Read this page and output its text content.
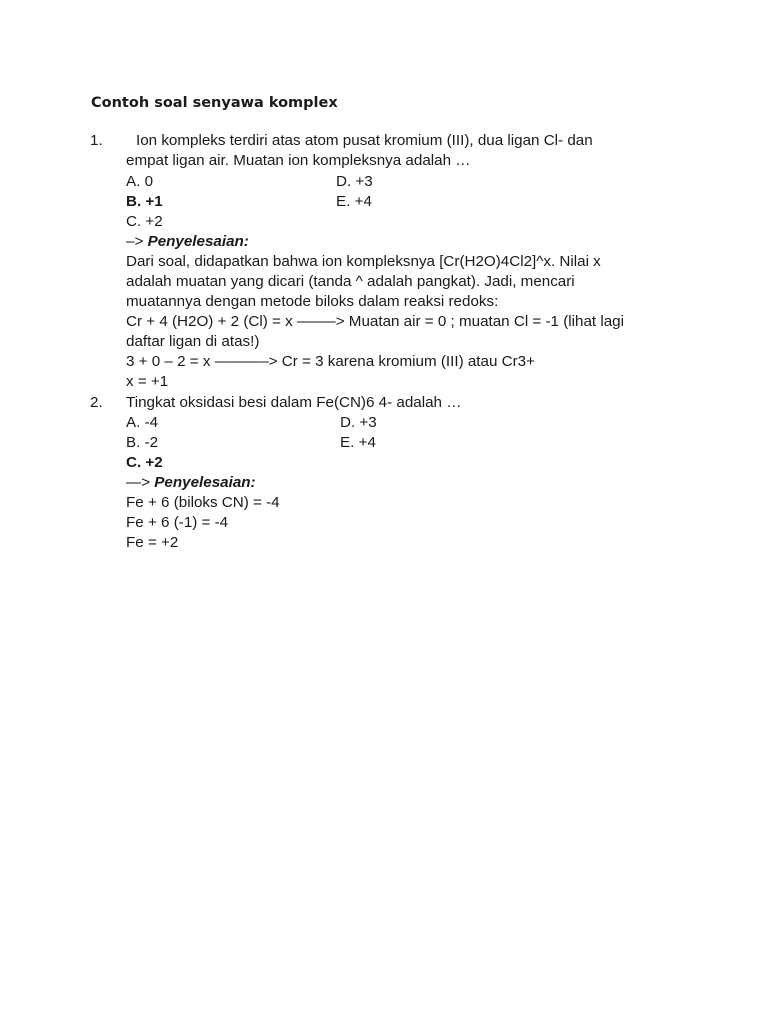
Contoh soal senyawa komplex
1. Ion kompleks terdiri atas atom pusat kromium (III), dua ligan Cl- dan
empat ligan air. Muatan ion kompleksnya adalah …
A. 0	D. +3
B. +1	E. +4
C. +2
–> Penyelesaian:
Dari soal, didapatkan bahwa ion kompleksnya [Cr(H2O)4Cl2]^x. Nilai x
adalah muatan yang dicari (tanda ^ adalah pangkat). Jadi, mencari
muatannya dengan metode biloks dalam reaksi redoks:
Cr + 4 (H2O) + 2 (Cl) = x ——–> Muatan air = 0 ; muatan Cl = -1 (lihat lagi
daftar ligan di atas!)
3 + 0 – 2 = x ———–> Cr = 3 karena kromium (III) atau Cr3+
x = +1
2. Tingkat oksidasi besi dalam Fe(CN)6 4- adalah …
A. -4	D. +3
B. -2	E. +4
C. +2
—> Penyelesaian:
Fe + 6 (biloks CN) = -4
Fe + 6 (-1) = -4
Fe = +2
